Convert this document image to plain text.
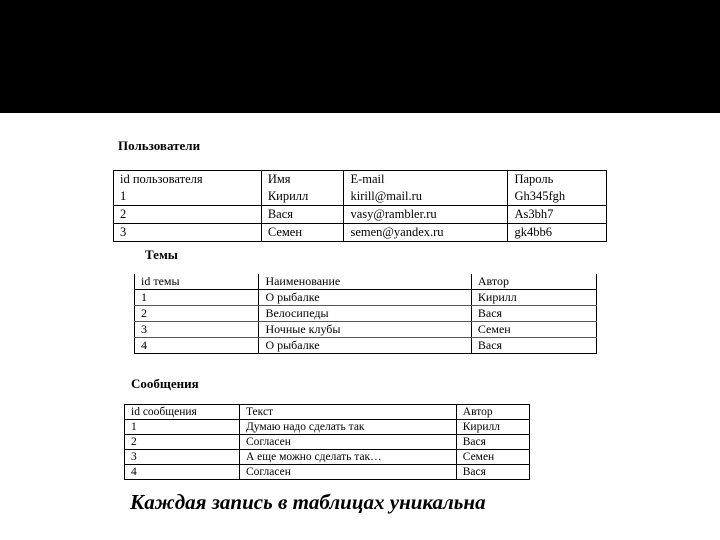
Пользователи
id пользователя	Имя	E-mail	Пароль
1	Кирилл	kirill@mail.ru	Gh345fgh
2	Вася	vasy@rambler.ru	As3bh7
3	Семен	semen@yandex.ru	gk4bb6
Темы
id темы	Наименование	Автор
1	О рыбалке	Кирилл
2	Велосипеды	Вася
3	Ночные клубы	Семен
4	О рыбалке	Вася
Сообщения
id сообщения	Текст	Автор
1	Думаю надо сделать так	Кирилл
2	Согласен	Вася
3	А еще можно сделать так…	Семен
4	Согласен	Вася
Каждая запись в таблицах уникальна
